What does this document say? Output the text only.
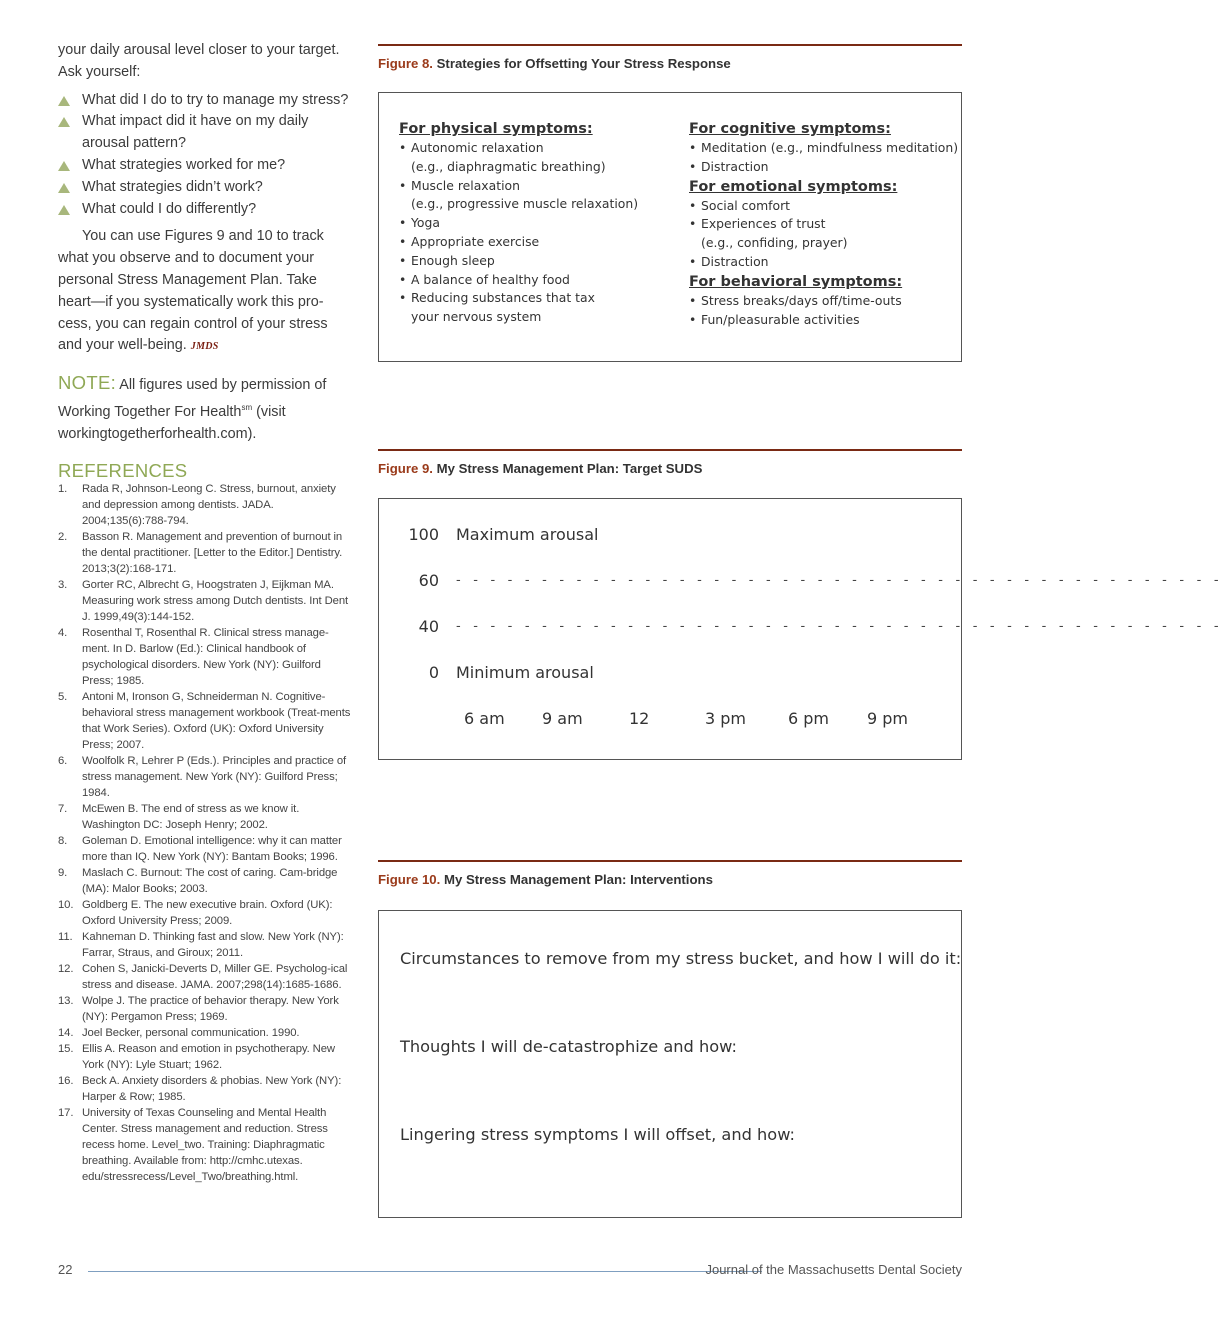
your daily arousal level closer to your target. Ask yourself:

What did I do to try to manage my stress?
What impact did it have on my daily arousal pattern?
What strategies worked for me?
What strategies didn’t work?
What could I do differently?

You can use Figures 9 and 10 to track what you observe and to document your personal Stress Management Plan. Take heart—if you systematically work this pro-cess, you can regain control of your stress and your well-being. JMDS

NOTE: All figures used by permission of Working Together For Health$^{sm}$ (visit workingtogetherforhealth.com).

REFERENCES
1. Rada R, Johnson-Leong C. Stress, burnout, anxiety and depression among dentists. JADA. 2004;135(6):788-794.
2. Basson R. Management and prevention of burnout in the dental practitioner. [Letter to the Editor.] Dentistry. 2013;3(2):168-171.
3. Gorter RC, Albrecht G, Hoogstraten J, Eijkman MA. Measuring work stress among Dutch dentists. Int Dent J. 1999,49(3):144-152.
4. Rosenthal T, Rosenthal R. Clinical stress manage-ment. In D. Barlow (Ed.): Clinical handbook of psychological disorders. New York (NY): Guilford Press; 1985.
5. Antoni M, Ironson G, Schneiderman N. Cognitive-behavioral stress management workbook (Treat-ments that Work Series). Oxford (UK): Oxford University Press; 2007.
6. Woolfolk R, Lehrer P (Eds.). Principles and practice of stress management. New York (NY): Guilford Press; 1984.
7. McEwen B. The end of stress as we know it. Washington DC: Joseph Henry; 2002.
8. Goleman D. Emotional intelligence: why it can matter more than IQ. New York (NY): Bantam Books; 1996.
9. Maslach C. Burnout: The cost of caring. Cam-bridge (MA): Malor Books; 2003.
10. Goldberg E. The new executive brain. Oxford (UK): Oxford University Press; 2009.
11. Kahneman D. Thinking fast and slow. New York (NY): Farrar, Straus, and Giroux; 2011.
12. Cohen S, Janicki-Deverts D, Miller GE. Psycholog-ical stress and disease. JAMA. 2007;298(14):1685-1686.
13. Wolpe J. The practice of behavior therapy. New York (NY): Pergamon Press; 1969.
14. Joel Becker, personal communication. 1990.
15. Ellis A. Reason and emotion in psychotherapy. New York (NY): Lyle Stuart; 1962.
16. Beck A. Anxiety disorders & phobias. New York (NY): Harper & Row; 1985.
17. University of Texas Counseling and Mental Health Center. Stress management and reduction. Stress recess home. Level_two. Training: Diaphragmatic breathing. Available from: http://cmhc.utexas. edu/stressrecess/Level_Two/breathing.html.
Figure 8. Strategies for Offsetting Your Stress Response
For physical symptoms:
• Autonomic relaxation
(e.g., diaphragmatic breathing)
• Muscle relaxation
(e.g., progressive muscle relaxation)
• Yoga
• Appropriate exercise
• Enough sleep
• A balance of healthy food
• Reducing substances that tax
your nervous system
For cognitive symptoms:
• Meditation (e.g., mindfulness meditation)
• Distraction
For emotional symptoms:
• Social comfort
• Experiences of trust
(e.g., confiding, prayer)
• Distraction
For behavioral symptoms:
• Stress breaks/days off/time-outs
• Fun/pleasurable activities
Figure 9. My Stress Management Plan: Target SUDS
100 Maximum arousal
60 - - - - - - - - - - - - - - - - - - - - - - - - - - - - - - - - - - - - - - - - - - - - -
40 - - - - - - - - - - - - - - - - - - - - - - - - - - - - - - - - - - - - - - - - - - - - -
0 Minimum arousal
6 am 9 am	12	3 pm	6 pm 9 pm
Figure 10. My Stress Management Plan: Interventions
Circumstances to remove from my stress bucket, and how I will do it:
Thoughts I will de-catastrophize and how:
Lingering stress symptoms I will offset, and how:
22	Journal of the Massachusetts Dental Society
